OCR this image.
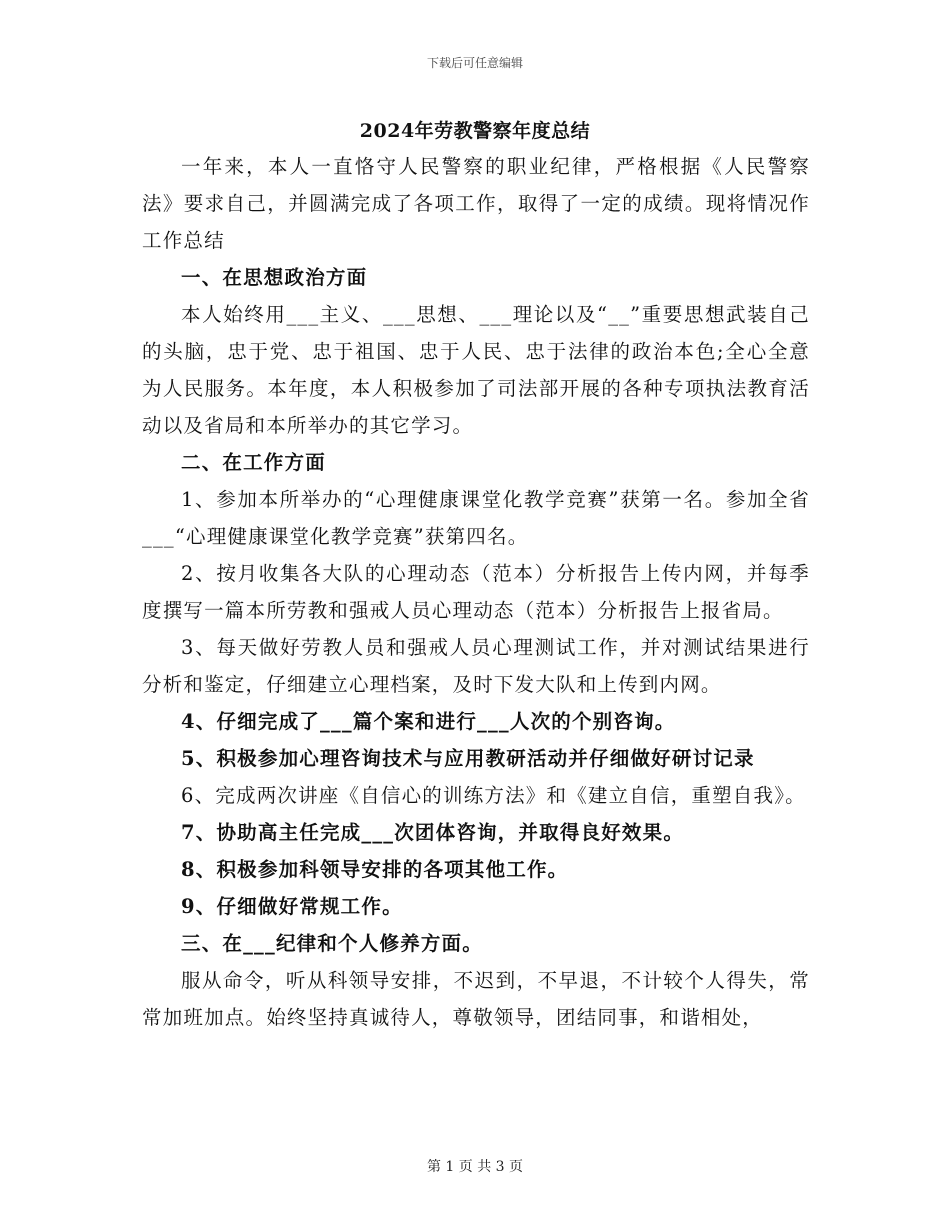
下载后可任意编辑
2024年劳教警察年度总结

一年来，本人一直恪守人民警察的职业纪律，严格根据《人民警察法》要求自己，并圆满完成了各项工作，取得了一定的成绩。现将情况作工作总结

一、在思想政治方面

本人始终用___主义、___思想、___理论以及“__”重要思想武装自己的头脑，忠于党、忠于祖国、忠于人民、忠于法律的政治本色;全心全意为人民服务。本年度，本人积极参加了司法部开展的各种专项执法教育活动以及省局和本所举办的其它学习。

二、在工作方面

1、参加本所举办的“心理健康课堂化教学竞赛”获第一名。参加全省___“心理健康课堂化教学竞赛”获第四名。

2、按月收集各大队的心理动态（范本）分析报告上传内网，并每季度撰写一篇本所劳教和强戒人员心理动态（范本）分析报告上报省局。

3、每天做好劳教人员和强戒人员心理测试工作，并对测试结果进行分析和鉴定，仔细建立心理档案，及时下发大队和上传到内网。

4、仔细完成了___篇个案和进行___人次的个别咨询。

5、积极参加心理咨询技术与应用教研活动并仔细做好研讨记录

6、完成两次讲座《自信心的训练方法》和《建立自信，重塑自我》。

7、协助高主任完成___次团体咨询，并取得良好效果。

8、积极参加科领导安排的各项其他工作。

9、仔细做好常规工作。

三、在___纪律和个人修养方面。

服从命令，听从科领导安排，不迟到，不早退，不计较个人得失，常常加班加点。始终坚持真诚待人，尊敬领导，团结同事，和谐相处，

第 1 页 共 3 页
